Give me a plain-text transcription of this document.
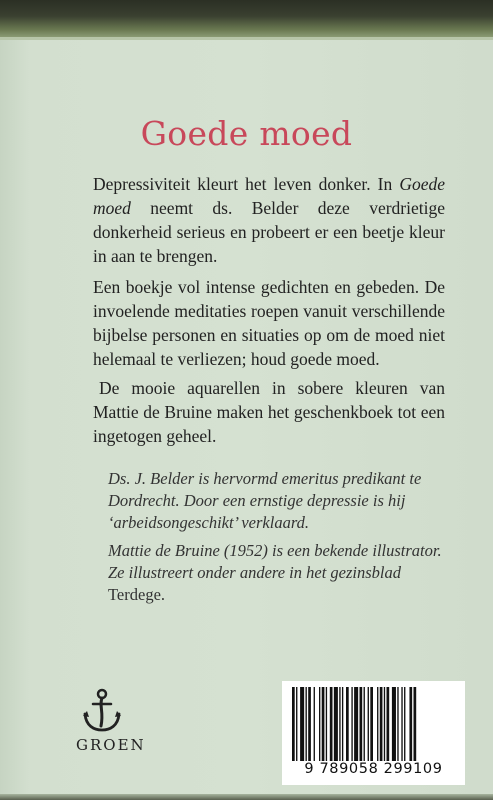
Goede moed

Depressiviteit kleurt het leven donker. In Goede moed neemt ds. Belder deze verdrietige donkerheid serieus en probeert er een beetje kleur in aan te brengen.

Een boekje vol intense gedichten en gebeden. De invoelende meditaties roepen vanuit verschillende bijbelse personen en situaties op om de moed niet helemaal te verliezen; houd goede moed.

De mooie aquarellen in sobere kleuren van Mattie de Bruine maken het geschenkboek tot een ingetogen geheel.

Ds. J. Belder is hervormd emeritus predikant te Dordrecht. Door een ernstige depressie is hij ‘arbeidsongeschikt’ verklaard.

Mattie de Bruine (1952) is een bekende illustrator. Ze illustreert onder andere in het gezinsblad Terdege.

GROEN
9 789058 299109
